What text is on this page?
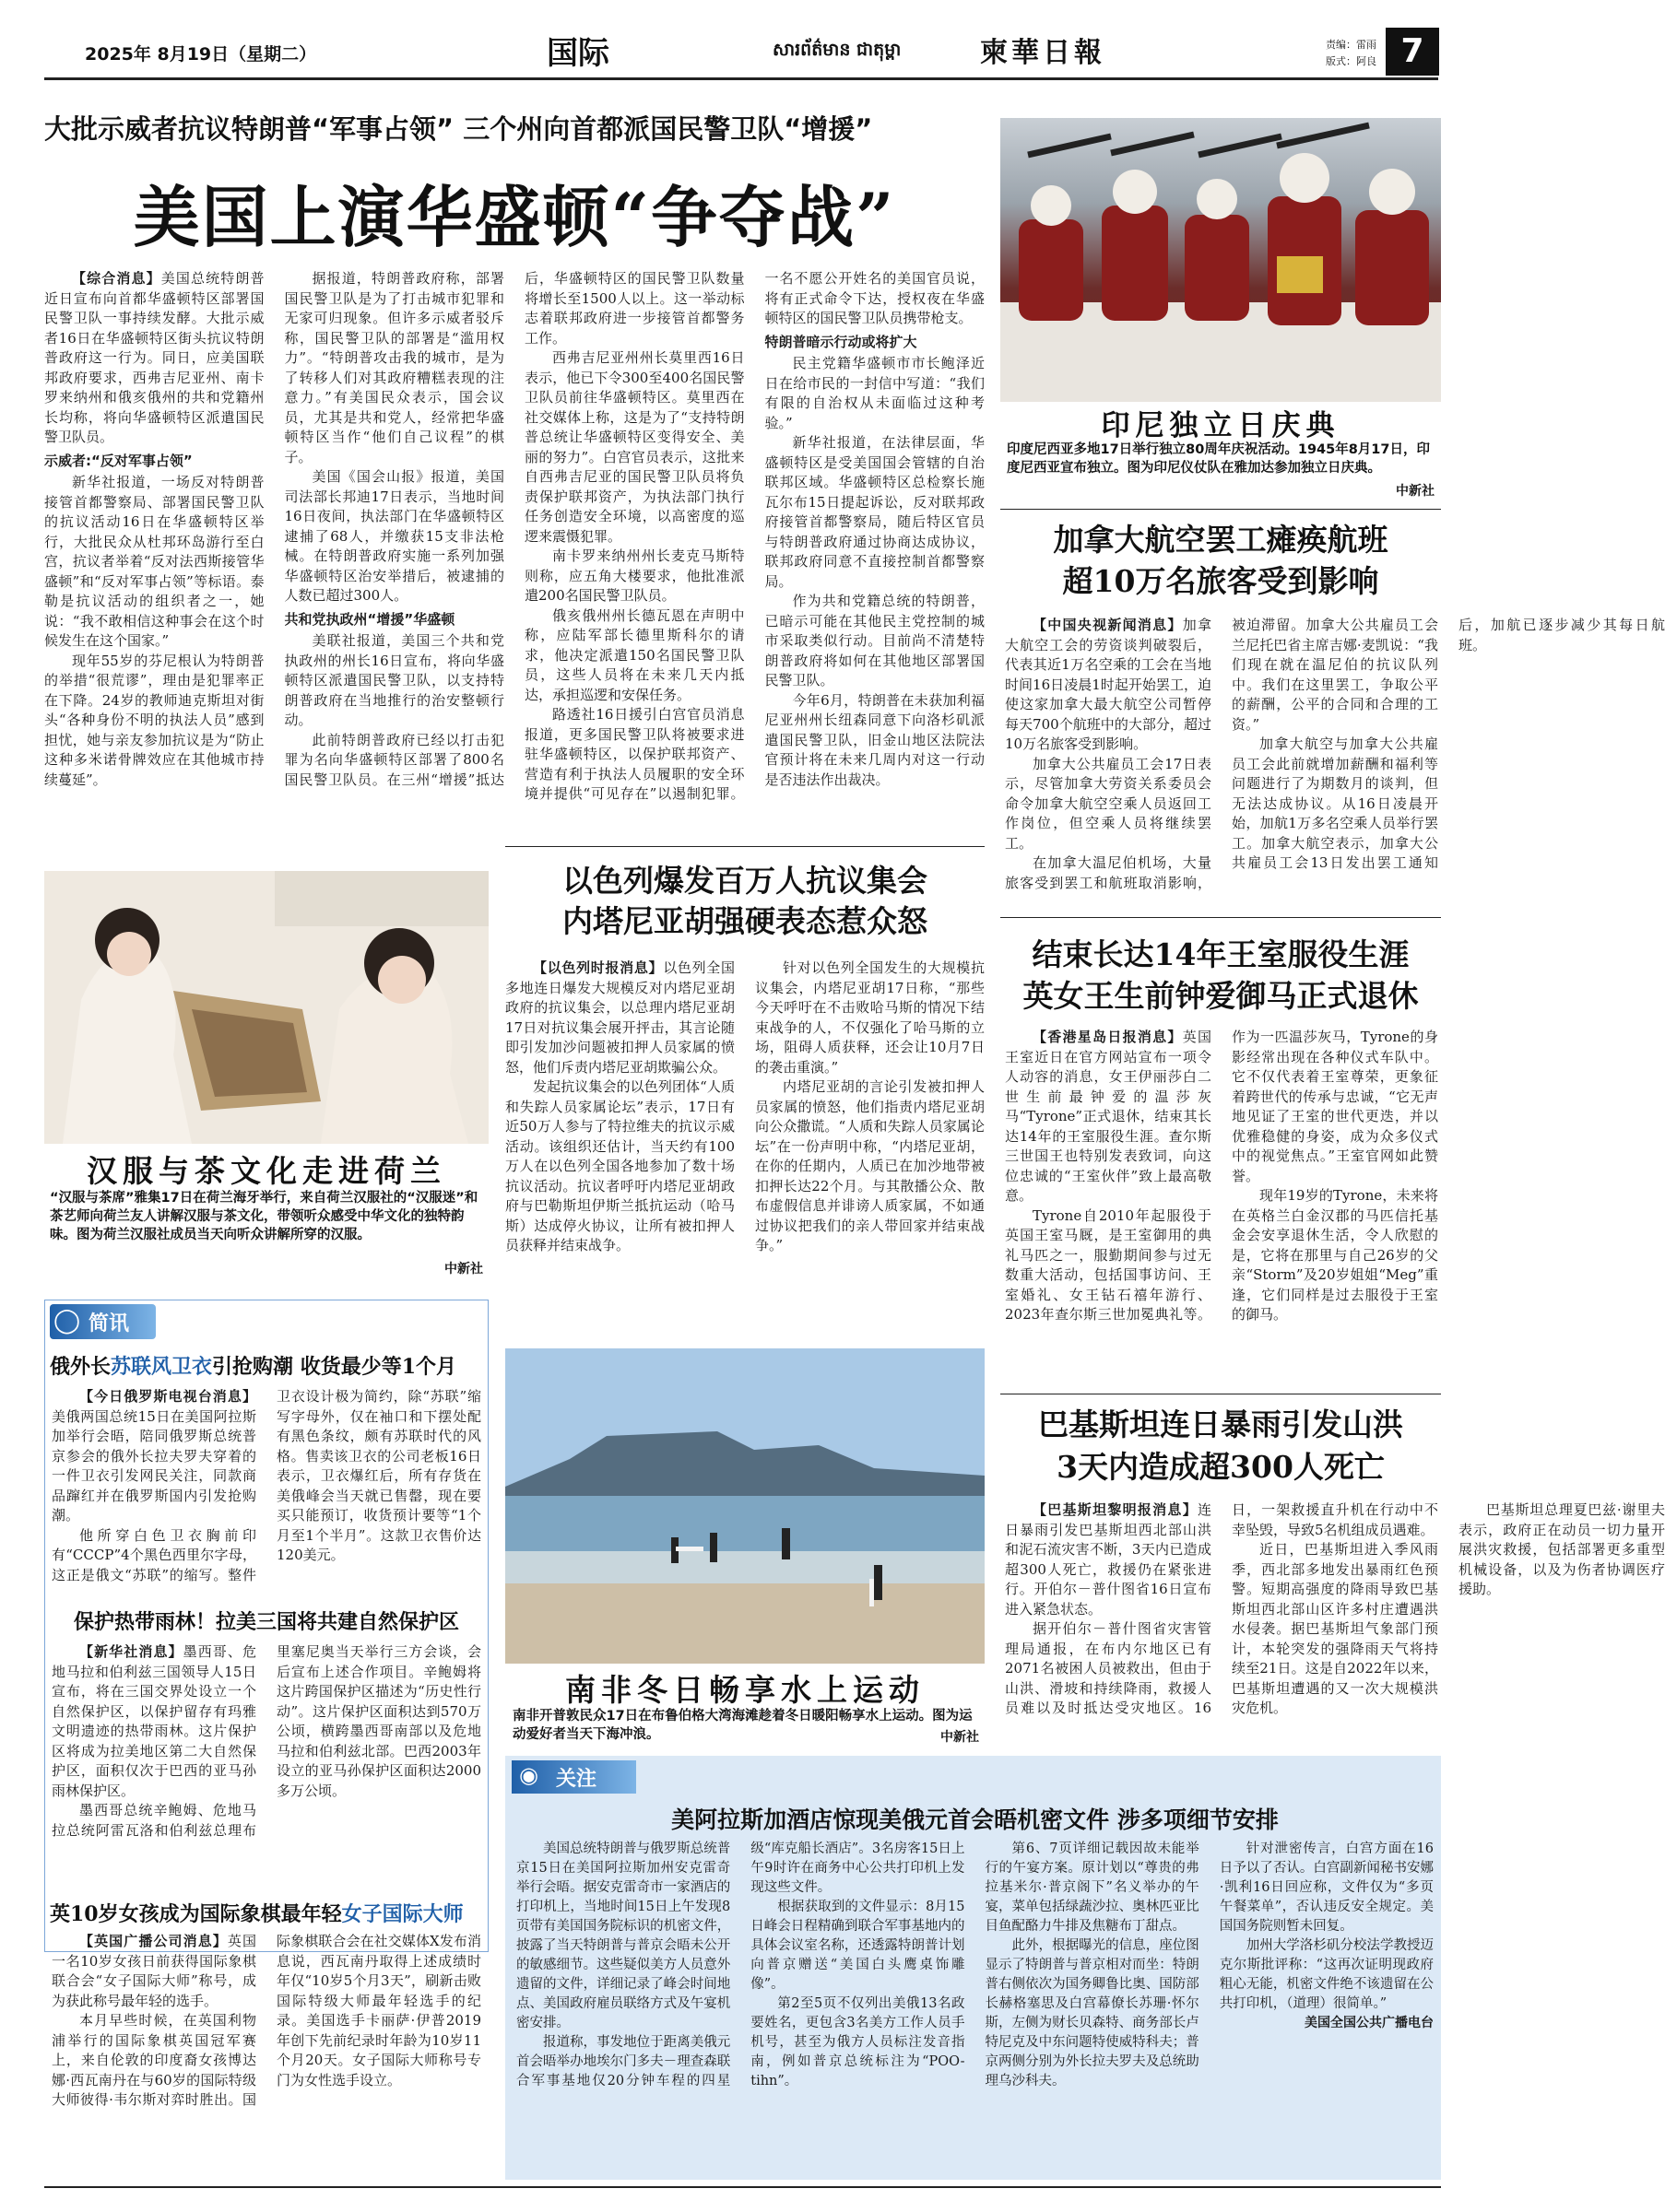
2025年 8月19日（星期二）	国际	សារព័ត៌មាន ជាតុម្ពា	柬華日報	责编：雷雨
版式：阿良 7
大批示威者抗议特朗普“军事占领” 三个州向首都派国民警卫队“增援”
美国上演华盛顿“争夺战”

【综合消息】美国总统特朗普近日宣布向首都华盛顿特区部署国民警卫队一事持续发酵。大批示威者16日在华盛顿特区街头抗议特朗普政府这一行为。同日，应美国联邦政府要求，西弗吉尼亚州、南卡罗来纳州和俄亥俄州的共和党籍州长均称，将向华盛顿特区派遣国民警卫队员。

示威者:“反对军事占领”

新华社报道，一场反对特朗普接管首都警察局、部署国民警卫队的抗议活动16日在华盛顿特区举行，大批民众从杜邦环岛游行至白宫，抗议者举着“反对法西斯接管华盛顿”和“反对军事占领”等标语。泰勒是抗议活动的组织者之一，她说：“我不敢相信这种事会在这个时候发生在这个国家。”

现年55岁的芬尼根认为特朗普的举措“很荒谬”，理由是犯罪率正在下降。24岁的教师迪克斯坦对街头“各种身份不明的执法人员”感到担忧，她与亲友参加抗议是为“防止这种多米诺骨牌效应在其他城市持续蔓延”。

据报道，特朗普政府称，部署国民警卫队是为了打击城市犯罪和无家可归现象。但许多示威者驳斥称，国民警卫队的部署是“滥用权力”。“特朗普攻击我的城市，是为了转移人们对其政府糟糕表现的注意力。”有美国民众表示，国会议员，尤其是共和党人，经常把华盛顿特区当作“他们自己议程”的棋子。

美国《国会山报》报道，美国司法部长邦迪17日表示，当地时间16日夜间，执法部门在华盛顿特区逮捕了68人，并缴获15支非法枪械。在特朗普政府实施一系列加强华盛顿特区治安举措后，被逮捕的人数已超过300人。

共和党执政州“增援”华盛顿

美联社报道，美国三个共和党执政州的州长16日宣布，将向华盛顿特区派遣国民警卫队，以支持特朗普政府在当地推行的治安整顿行动。

此前特朗普政府已经以打击犯罪为名向华盛顿特区部署了800名国民警卫队员。在三州“增援”抵达后，华盛顿特区的国民警卫队数量将增长至1500人以上。这一举动标志着联邦政府进一步接管首都警务工作。

西弗吉尼亚州州长莫里西16日表示，他已下令300至400名国民警卫队员前往华盛顿特区。莫里西在社交媒体上称，这是为了“支持特朗普总统让华盛顿特区变得安全、美丽的努力”。白宫官员表示，这批来自西弗吉尼亚的国民警卫队员将负责保护联邦资产，为执法部门执行任务创造安全环境，以高密度的巡逻来震慑犯罪。

南卡罗来纳州州长麦克马斯特则称，应五角大楼要求，他批准派遣200名国民警卫队员。

俄亥俄州州长德瓦恩在声明中称，应陆军部长德里斯科尔的请求，他决定派遣150名国民警卫队员，这些人员将在未来几天内抵达，承担巡逻和安保任务。

路透社16日援引白宫官员消息报道，更多国民警卫队将被要求进驻华盛顿特区，以保护联邦资产、营造有利于执法人员履职的安全环境并提供“可见存在”以遏制犯罪。一名不愿公开姓名的美国官员说，将有正式命令下达，授权夜在华盛顿特区的国民警卫队员携带枪支。

特朗普暗示行动或将扩大

民主党籍华盛顿市市长鲍泽近日在给市民的一封信中写道：“我们有限的自治权从未面临过这种考验。”

新华社报道，在法律层面，华盛顿特区是受美国国会管辖的自治联邦区域。华盛顿特区总检察长施瓦尔布15日提起诉讼，反对联邦政府接管首都警察局，随后特区官员与特朗普政府通过协商达成协议，联邦政府同意不直接控制首都警察局。

作为共和党籍总统的特朗普，已暗示可能在其他民主党控制的城市采取类似行动。目前尚不清楚特朗普政府将如何在其他地区部署国民警卫队。

今年6月，特朗普在未获加利福尼亚州州长纽森同意下向洛杉矶派遣国民警卫队，旧金山地区法院法官预计将在未来几周内对这一行动是否违法作出裁决。

印尼独立日庆典
印度尼西亚多地17日举行独立80周年庆祝活动。1945年8月17日，印度尼西亚宣布独立。图为印尼仪仗队在雅加达参加独立日庆典。
中新社
加拿大航空罢工瘫痪航班
超10万名旅客受到影响

【中国央视新闻消息】加拿大航空工会的劳资谈判破裂后，代表其近1万名空乘的工会在当地时间16日凌晨1时起开始罢工，迫使这家加拿大最大航空公司暂停每天700个航班中的大部分，超过10万名旅客受到影响。

加拿大公共雇员工会17日表示，尽管加拿大劳资关系委员会命令加拿大航空空乘人员返回工作岗位，但空乘人员将继续罢工。

在加拿大温尼伯机场，大量旅客受到罢工和航班取消影响，被迫滞留。加拿大公共雇员工会兰尼托巴省主席吉娜·麦凯说：“我们现在就在温尼伯的抗议队列中。我们在这里罢工，争取公平的薪酬，公平的合同和合理的工资。”

加拿大航空与加拿大公共雇员工会此前就增加薪酬和福利等问题进行了为期数月的谈判，但无法达成协议。从16日凌晨开始，加航1万多名空乘人员举行罢工。加拿大航空表示，加拿大公共雇员工会13日发出罢工通知后，加航已逐步减少其每日航班。

以色列爆发百万人抗议集会
内塔尼亚胡强硬表态惹众怒

【以色列时报消息】以色列全国多地连日爆发大规模反对内塔尼亚胡政府的抗议集会，以总理内塔尼亚胡17日对抗议集会展开抨击，其言论随即引发加沙问题被扣押人员家属的愤怒，他们斥责内塔尼亚胡欺骗公众。

发起抗议集会的以色列团体“人质和失踪人员家属论坛”表示，17日有近50万人参与了特拉维夫的抗议示威活动。该组织还估计，当天约有100万人在以色列全国各地参加了数十场抗议活动。抗议者呼吁内塔尼亚胡政府与巴勒斯坦伊斯兰抵抗运动（哈马斯）达成停火协议，让所有被扣押人员获释并结束战争。

针对以色列全国发生的大规模抗议集会，内塔尼亚胡17日称，“那些今天呼吁在不击败哈马斯的情况下结束战争的人，不仅强化了哈马斯的立场，阻碍人质获释，还会让10月7日的袭击重演。”

内塔尼亚胡的言论引发被扣押人员家属的愤怒，他们指责内塔尼亚胡向公众撒谎。“人质和失踪人员家属论坛”在一份声明中称，“内塔尼亚胡，在你的任期内，人质已在加沙地带被扣押长达22个月。与其散播公众、散布虚假信息并诽谤人质家属，不如通过协议把我们的亲人带回家并结束战争。”

汉服与茶文化走进荷兰
“汉服与茶席”雅集17日在荷兰海牙举行，来自荷兰汉服社的“汉服迷”和茶艺师向荷兰友人讲解汉服与茶文化，带领听众感受中华文化的独特韵味。图为荷兰汉服社成员当天向听众讲解所穿的汉服。
中新社
结束长达14年王室服役生涯
英女王生前钟爱御马正式退休

【香港星岛日报消息】英国王室近日在官方网站宣布一项令人动容的消息，女王伊丽莎白二世生前最钟爱的温莎灰马“Tyrone”正式退休，结束其长达14年的王室服役生涯。查尔斯三世国王也特别发表致词，向这位忠诚的“王室伙伴”致上最高敬意。

Tyrone自2010年起服役于英国王室马厩，是王室御用的典礼马匹之一，服勤期间参与过无数重大活动，包括国事访问、王室婚礼、女王钻石禧年游行、2023年查尔斯三世加冕典礼等。作为一匹温莎灰马，Tyrone的身影经常出现在各种仪式车队中。它不仅代表着王室尊荣，更象征着跨世代的传承与忠诚，“它无声地见证了王室的世代更迭，并以优雅稳健的身姿，成为众多仪式中的视觉焦点。”王室官网如此赞誉。

现年19岁的Tyrone，未来将在英格兰白金汉郡的马匹信托基金会安享退休生活，令人欣慰的是，它将在那里与自己26岁的父亲“Storm”及20岁姐姐“Meg”重逢，它们同样是过去服役于王室的御马。

巴基斯坦连日暴雨引发山洪
3天内造成超300人死亡

【巴基斯坦黎明报消息】连日暴雨引发巴基斯坦西北部山洪和泥石流灾害不断，3天内已造成超300人死亡，救援仍在紧张进行。开伯尔－普什图省16日宣布进入紧急状态。

据开伯尔－普什图省灾害管理局通报，在布内尔地区已有2071名被困人员被救出，但由于山洪、滑坡和持续降雨，救援人员难以及时抵达受灾地区。16日，一架救援直升机在行动中不幸坠毁，导致5名机组成员遇难。

近日，巴基斯坦进入季风雨季，西北部多地发出暴雨红色预警。短期高强度的降雨导致巴基斯坦西北部山区许多村庄遭遇洪水侵袭。据巴基斯坦气象部门预计，本轮突发的强降雨天气将持续至21日。这是自2022年以来，巴基斯坦遭遇的又一次大规模洪灾危机。

巴基斯坦总理夏巴兹·谢里夫表示，政府正在动员一切力量开展洪灾救援，包括部署更多重型机械设备，以及为伤者协调医疗援助。

南非冬日畅享水上运动
南非开普敦民众17日在布鲁伯格大湾海滩趁着冬日暖阳畅享水上运动。图为运动爱好者当天下海冲浪。	中新社
◯ 简讯
俄外长苏联风卫衣引抢购潮 收货最少等1个月

【今日俄罗斯电视台消息】美俄两国总统15日在美国阿拉斯加举行会晤，陪同俄罗斯总统普京参会的俄外长拉夫罗夫穿着的一件卫衣引发网民关注，同款商品蹿红并在俄罗斯国内引发抢购潮。

他所穿白色卫衣胸前印有“CCCP”4个黑色西里尔字母，这正是俄文“苏联”的缩写。整件卫衣设计极为简约，除“苏联”缩写字母外，仅在袖口和下摆处配有黑色条纹，颇有苏联时代的风格。售卖该卫衣的公司老板16日表示，卫衣爆红后，所有存货在美俄峰会当天就已售罄，现在要买只能预订，收货预计要等“1个月至1个半月”。这款卫衣售价达120美元。

保护热带雨林！拉美三国将共建自然保护区

【新华社消息】墨西哥、危地马拉和伯利兹三国领导人15日宣布，将在三国交界处设立一个自然保护区，以保护留存有玛雅文明遗迹的热带雨林。这片保护区将成为拉美地区第二大自然保护区，面积仅次于巴西的亚马孙雨林保护区。

墨西哥总统辛鲍姆、危地马拉总统阿雷瓦洛和伯利兹总理布里塞尼奥当天举行三方会谈，会后宣布上述合作项目。辛鲍姆将这片跨国保护区描述为“历史性行动”。这片保护区面积达到570万公顷，横跨墨西哥南部以及危地马拉和伯利兹北部。巴西2003年设立的亚马孙保护区面积达2000多万公顷。

英10岁女孩成为国际象棋最年轻女子国际大师

【英国广播公司消息】英国一名10岁女孩日前获得国际象棋联合会“女子国际大师”称号，成为获此称号最年轻的选手。

本月早些时候，在英国利物浦举行的国际象棋英国冠军赛上，来自伦敦的印度裔女孩博达娜·西瓦南丹在与60岁的国际特级大师彼得·韦尔斯对弈时胜出。国际象棋联合会在社交媒体X发布消息说，西瓦南丹取得上述成绩时年仅“10岁5个月3天”，刷新击败国际特级大师最年轻选手的纪录。美国选手卡丽萨·伊普2019年创下先前纪录时年龄为10岁11个月20天。女子国际大师称号专门为女性选手设立。

◉ 关注
美阿拉斯加酒店惊现美俄元首会晤机密文件 涉多项细节安排

美国总统特朗普与俄罗斯总统普京15日在美国阿拉斯加州安克雷奇举行会晤。据安克雷奇市一家酒店的打印机上，当地时间15日上午发现8页带有美国国务院标识的机密文件，披露了当天特朗普与普京会晤未公开的敏感细节。这些疑似美方人员意外遗留的文件，详细记录了峰会时间地点、美国政府雇员联络方式及午宴机密安排。

报道称，事发地位于距离美俄元首会晤举办地埃尔门多夫－理查森联合军事基地仅20分钟车程的四星级“库克船长酒店”。3名房客15日上午9时许在商务中心公共打印机上发现这些文件。

根据获取到的文件显示：8月15日峰会日程精确到联合军事基地内的具体会议室名称，还透露特朗普计划向普京赠送“美国白头鹰桌饰雕像”。

第2至5页不仅列出美俄13名政要姓名，更包含3名美方工作人员手机号，甚至为俄方人员标注发音指南，例如普京总统标注为“POO-tihn”。

第6、7页详细记载因故未能举行的午宴方案。原计划以“尊贵的弗拉基米尔·普京阁下”名义举办的午宴，菜单包括绿蔬沙拉、奥林匹亚比目鱼配酪力牛排及焦糖布丁甜点。

此外，根据曝光的信息，座位图显示了特朗普与普京相对而坐：特朗普右侧依次为国务卿鲁比奥、国防部长赫格塞思及白宫幕僚长苏珊·怀尔斯，左侧为财长贝森特、商务部长卢特尼克及中东问题特使威特科夫；普京两侧分别为外长拉夫罗夫及总统助理乌沙科夫。

针对泄密传言，白宫方面在16日予以了否认。白宫副新闻秘书安娜·凯利16日回应称，文件仅为“多页午餐菜单”，否认违反安全规定。美国国务院则暂未回复。

加州大学洛杉矶分校法学教授迈克尔斯批评称：“这再次证明现政府粗心无能，机密文件绝不该遗留在公共打印机，（道理）很简单。”

美国全国公共广播电台
